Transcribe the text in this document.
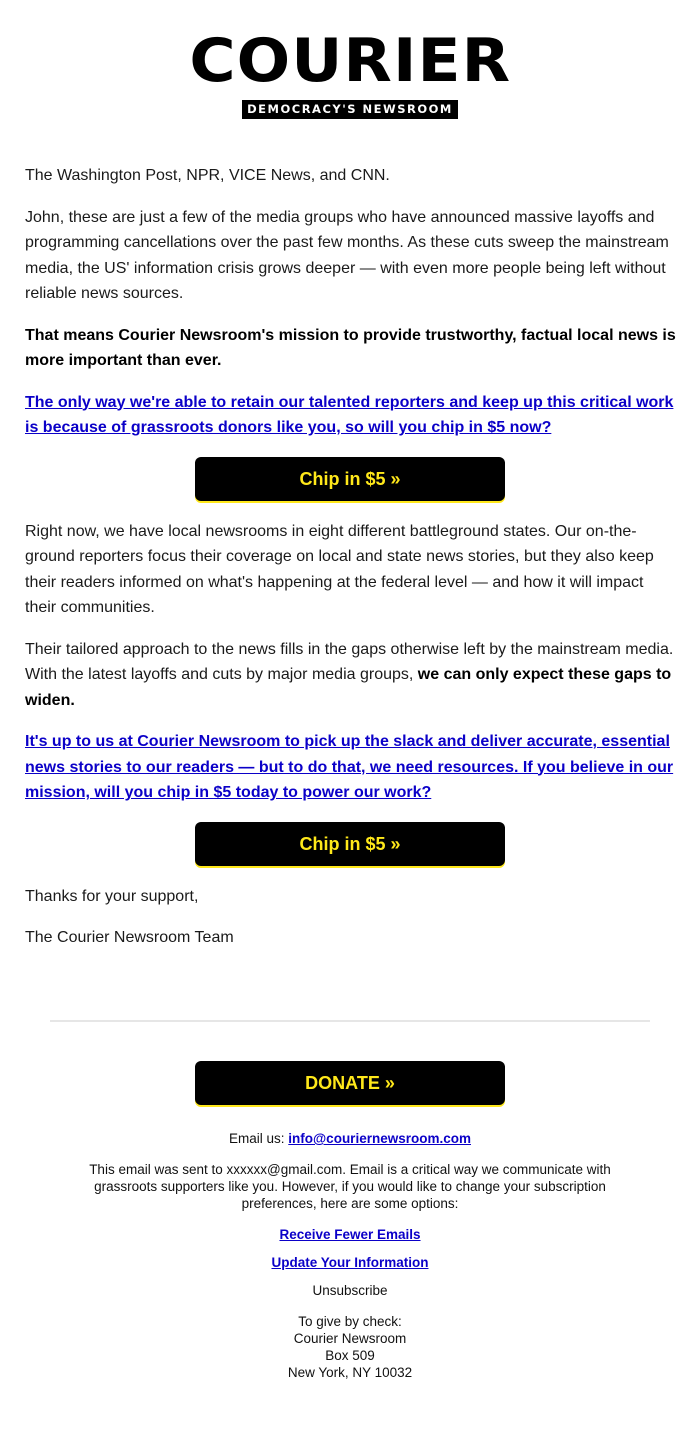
COURIER
DEMOCRACY'S NEWSROOM

The Washington Post, NPR, VICE News, and CNN.

John, these are just a few of the media groups who have announced massive layoffs and programming cancellations over the past few months. As these cuts sweep the mainstream media, the US' information crisis grows deeper — with even more people being left without reliable news sources.

That means Courier Newsroom's mission to provide trustworthy, factual local news is more important than ever.

The only way we're able to retain our talented reporters and keep up this critical work is because of grassroots donors like you, so will you chip in $5 now?

Chip in $5 »

Right now, we have local newsrooms in eight different battleground states. Our on-the-ground reporters focus their coverage on local and state news stories, but they also keep their readers informed on what's happening at the federal level — and how it will impact their communities.

Their tailored approach to the news fills in the gaps otherwise left by the mainstream media. With the latest layoffs and cuts by major media groups, we can only expect these gaps to widen.

It's up to us at Courier Newsroom to pick up the slack and deliver accurate, essential news stories to our readers — but to do that, we need resources. If you believe in our mission, will you chip in $5 today to power our work?

Chip in $5 »

Thanks for your support,

The Courier Newsroom Team

DONATE »
Email us: info@couriernewsroom.com
This email was sent to xxxxxx@gmail.com. Email is a critical way we communicate with grassroots supporters like you. However, if you would like to change your subscription preferences, here are some options:
Receive Fewer Emails
Update Your Information
Unsubscribe
To give by check:
Courier Newsroom
Box 509
New York, NY 10032
